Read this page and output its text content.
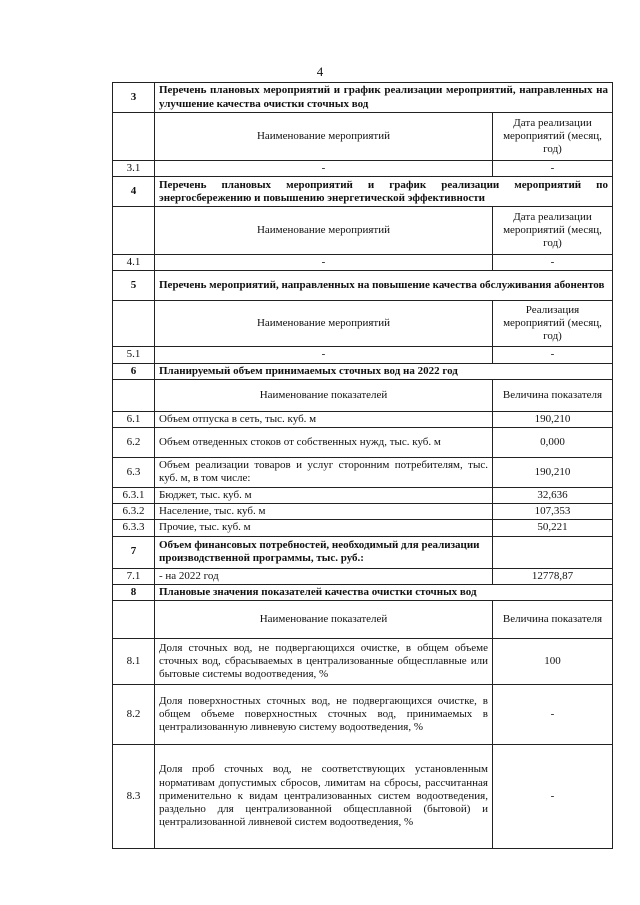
4
3	Перечень плановых мероприятий и график реализации мероприятий, направленных на улучшение качества очистки сточных вод	
	Наименование мероприятий	Дата реализации мероприятий (месяц, год)
3.1	-	-
4	Перечень плановых мероприятий и график реализации мероприятий по энергосбережению и повышению энергетической эффективности	
	Наименование мероприятий	Дата реализации мероприятий (месяц, год)
4.1	-	-
5	Перечень мероприятий, направленных на повышение качества обслуживания абонентов	
	Наименование мероприятий	Реализация мероприятий (месяц, год)
5.1	-	-
6	Планируемый объем принимаемых сточных вод на 2022 год	
	Наименование показателей	Величина показателя
6.1	Объем отпуска в сеть, тыс. куб. м	190,210
6.2	Объем отведенных стоков от собственных нужд, тыс. куб. м	0,000
6.3	Объем реализации товаров и услуг сторонним потребителям, тыс. куб. м, в том числе:	190,210
6.3.1	Бюджет, тыс. куб. м	32,636
6.3.2	Население, тыс. куб. м	107,353
6.3.3	Прочие, тыс. куб. м	50,221
7	Объем финансовых потребностей, необходимый для реализации производственной программы, тыс. руб.:	
7.1	- на 2022 год	12778,87
8	Плановые значения показателей качества очистки сточных вод	
	Наименование показателей	Величина показателя
8.1	Доля сточных вод, не подвергающихся очистке, в общем объеме сточных вод, сбрасываемых в централизованные общесплавные или бытовые системы водоотведения, %	100
8.2	Доля поверхностных сточных вод, не подвергающихся очистке, в общем объеме поверхностных сточных вод, принимаемых в централизованную ливневую систему водоотведения, %	-
8.3	Доля проб сточных вод, не соответствующих установленным нормативам допустимых сбросов, лимитам на сбросы, рассчитанная применительно к видам централизованных систем водоотведения, раздельно для централизованной общесплавной (бытовой) и централизованной ливневой систем водоотведения, %	-
